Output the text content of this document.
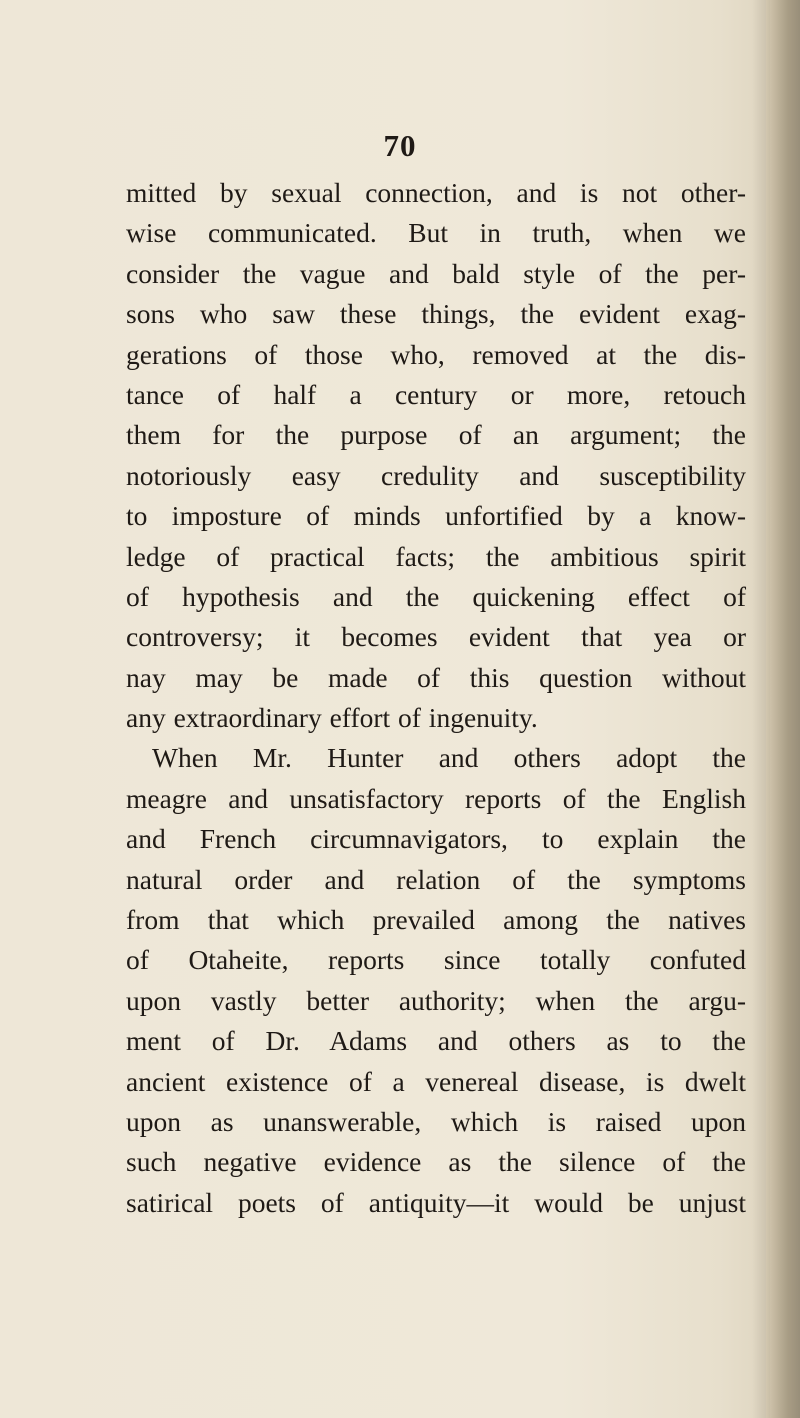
70
mitted by sexual connection, and is not other-
wise communicated. But in truth, when we
consider the vague and bald style of the per-
sons who saw these things, the evident exag-
gerations of those who, removed at the dis-
tance of half a century or more, retouch
them for the purpose of an argument; the
notoriously easy credulity and susceptibility
to imposture of minds unfortified by a know-
ledge of practical facts; the ambitious spirit
of hypothesis and the quickening effect of
controversy; it becomes evident that yea or
nay may be made of this question without
any extraordinary effort of ingenuity.
When Mr. Hunter and others adopt the
meagre and unsatisfactory reports of the English
and French circumnavigators, to explain the
natural order and relation of the symptoms
from that which prevailed among the natives
of Otaheite, reports since totally confuted
upon vastly better authority; when the argu-
ment of Dr. Adams and others as to the
ancient existence of a venereal disease, is dwelt
upon as unanswerable, which is raised upon
such negative evidence as the silence of the
satirical poets of antiquity—it would be unjust
